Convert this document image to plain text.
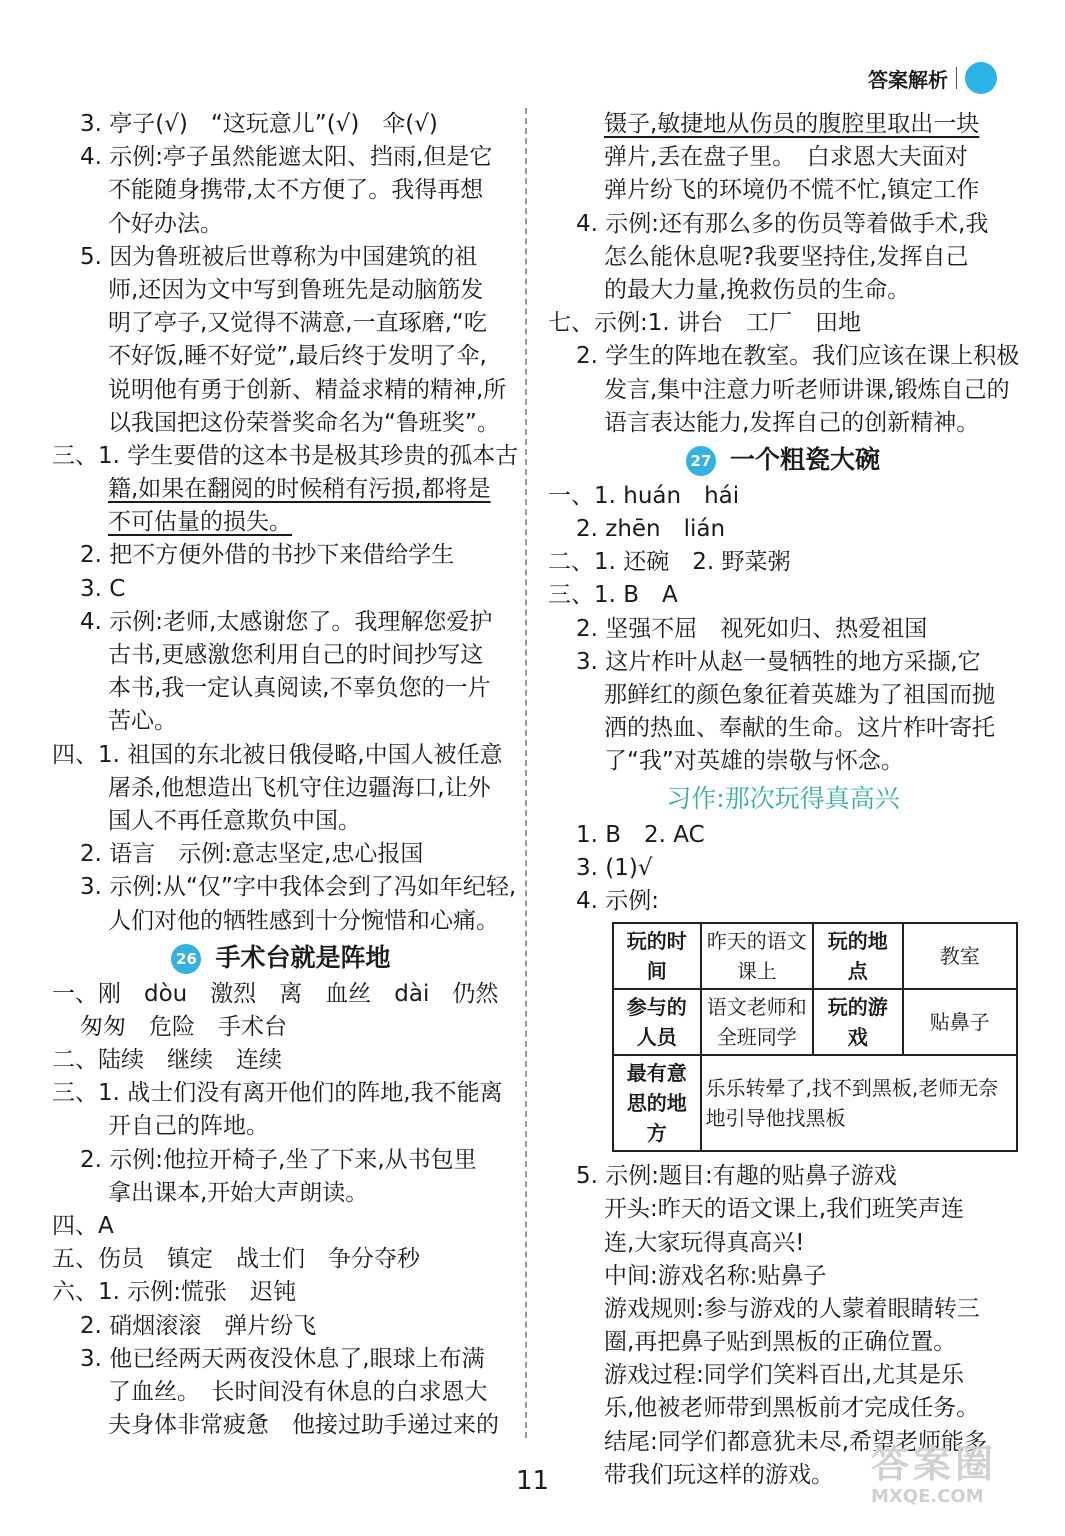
答案解析
3. 亭子(√)　“这玩意儿”(√)　伞(√)
4. 示例:亭子虽然能遮太阳、挡雨,但是它
不能随身携带,太不方便了。我得再想
个好办法。
5. 因为鲁班被后世尊称为中国建筑的祖
师,还因为文中写到鲁班先是动脑筋发
明了亭子,又觉得不满意,一直琢磨,“吃
不好饭,睡不好觉”,最后终于发明了伞,
说明他有勇于创新、精益求精的精神,所
以我国把这份荣誉奖命名为“鲁班奖”。
三、1. 学生要借的这本书是极其珍贵的孤本古
籍,如果在翻阅的时候稍有污损,都将是
不可估量的损失。
2. 把不方便外借的书抄下来借给学生
3. C
4. 示例:老师,太感谢您了。我理解您爱护
古书,更感激您利用自己的时间抄写这
本书,我一定认真阅读,不辜负您的一片
苦心。
四、1. 祖国的东北被日俄侵略,中国人被任意
屠杀,他想造出飞机守住边疆海口,让外
国人不再任意欺负中国。
2. 语言　示例:意志坚定,忠心报国
3. 示例:从“仅”字中我体会到了冯如年纪轻,
人们对他的牺牲感到十分惋惜和心痛。
26 手术台就是阵地
一、刚　dòu　激烈　离　血丝　dài　仍然
匆匆　危险　手术台
二、陆续　继续　连续
三、1. 战士们没有离开他们的阵地,我不能离
开自己的阵地。
2. 示例:他拉开椅子,坐了下来,从书包里
拿出课本,开始大声朗读。
四、A
五、伤员　镇定　战士们　争分夺秒
六、1. 示例:慌张　迟钝
2. 硝烟滚滚　弹片纷飞
3. 他已经两天两夜没休息了,眼球上布满
了血丝。　长时间没有休息的白求恩大
夫身体非常疲惫　他接过助手递过来的
镊子,敏捷地从伤员的腹腔里取出一块
弹片,丢在盘子里。　白求恩大夫面对
弹片纷飞的环境仍不慌不忙,镇定工作
4. 示例:还有那么多的伤员等着做手术,我
怎么能休息呢?我要坚持住,发挥自己
的最大力量,挽救伤员的生命。
七、示例:1. 讲台　工厂　田地
2. 学生的阵地在教室。我们应该在课上积极
发言,集中注意力听老师讲课,锻炼自己的
语言表达能力,发挥自己的创新精神。
27 一个粗瓷大碗
一、1. huán　hái
2. zhēn　lián
二、1. 还碗　2. 野菜粥
三、1. B　A
2. 坚强不屈　视死如归、热爱祖国
3. 这片柞叶从赵一曼牺牲的地方采撷,它
那鲜红的颜色象征着英雄为了祖国而抛
洒的热血、奉献的生命。这片柞叶寄托
了“我”对英雄的崇敬与怀念。
习作:那次玩得真高兴
1. B　2. AC
3. (1)√
4. 示例:
玩的时间	昨天的语文课上	玩的地点	教室
参与的人员	语文老师和全班同学	玩的游戏	贴鼻子
最有意思的地方	乐乐转晕了,找不到黑板,老师无奈地引导他找黑板		
5. 示例:题目:有趣的贴鼻子游戏
开头:昨天的语文课上,我们班笑声连
连,大家玩得真高兴!
中间:游戏名称:贴鼻子
游戏规则:参与游戏的人蒙着眼睛转三
圈,再把鼻子贴到黑板的正确位置。
游戏过程:同学们笑料百出,尤其是乐
乐,他被老师带到黑板前才完成任务。
结尾:同学们都意犹未尽,希望老师能多
带我们玩这样的游戏。
11	答案圈
MXQE.COM
